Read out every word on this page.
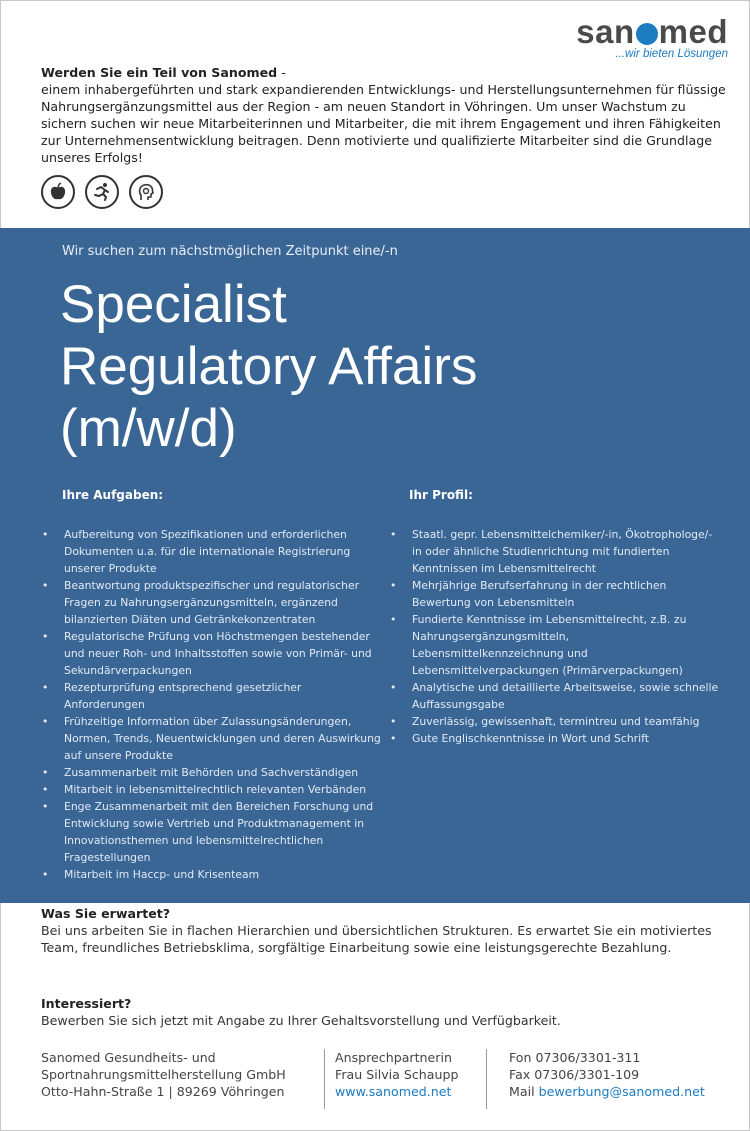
san med
...wir bieten Lösungen
Werden Sie ein Teil von Sanomed -
einem inhabergeführten und stark expandierenden Entwicklungs- und Herstellungsunternehmen für flüssige Nahrungsergänzungsmittel aus der Region - am neuen Standort in Vöhringen. Um unser Wachstum zu sichern suchen wir neue Mitarbeiterinnen und Mitarbeiter, die mit ihrem Engagement und ihren Fähigkeiten zur Unternehmensentwicklung beitragen. Denn motivierte und qualifizierte Mitarbeiter sind die Grundlage unseres Erfolgs!
Wir suchen zum nächstmöglichen Zeitpunkt eine/-n
Specialist
Regulatory Affairs
(m/w/d)
Ihre Aufgaben:	Ihr Profil:
• Aufbereitung von Spezifikationen und erforderlichen Dokumenten u.a. für die internationale Registrierung unserer Produkte
• Beantwortung produktspezifischer und regulatorischer Fragen zu Nahrungsergänzungsmitteln, ergänzend bilanzierten Diäten und Getränkekonzentraten
• Regulatorische Prüfung von Höchstmengen bestehender und neuer Roh- und Inhaltsstoffen sowie von Primär- und Sekundärverpackungen
• Rezepturprüfung entsprechend gesetzlicher Anforderungen
• Frühzeitige Information über Zulassungsänderungen, Normen, Trends, Neuentwicklungen und deren Auswirkung auf unsere Produkte
• Zusammenarbeit mit Behörden und Sachverständigen
• Mitarbeit in lebensmittelrechtlich relevanten Verbänden
• Enge Zusammenarbeit mit den Bereichen Forschung und Entwicklung sowie Vertrieb und Produktmanagement in Innovationsthemen und lebensmittelrechtlichen Fragestellungen
• Mitarbeit im Haccp- und Krisenteam
• Staatl. gepr. Lebensmittelchemiker/-in, Ökotrophologe/-in oder ähnliche Studienrichtung mit fundierten Kenntnissen im Lebensmittelrecht
• Mehrjährige Berufserfahrung in der rechtlichen Bewertung von Lebensmitteln
• Fundierte Kenntnisse im Lebensmittelrecht, z.B. zu Nahrungsergänzungsmitteln, Lebensmittelkennzeichnung und Lebensmittelverpackungen (Primärverpackungen)
• Analytische und detaillierte Arbeitsweise, sowie schnelle Auffassungsgabe
• Zuverlässig, gewissenhaft, termintreu und teamfähig
• Gute Englischkenntnisse in Wort und Schrift
Was Sie erwartet?
Bei uns arbeiten Sie in flachen Hierarchien und übersichtlichen Strukturen. Es erwartet Sie ein motiviertes Team, freundliches Betriebsklima, sorgfältige Einarbeitung sowie eine leistungsgerechte Bezahlung.
Interessiert?
Bewerben Sie sich jetzt mit Angabe zu Ihrer Gehaltsvorstellung und Verfügbarkeit.
Sanomed Gesundheits- und
Sportnahrungsmittelherstellung GmbH
Otto-Hahn-Straße 1 | 89269 Vöhringen
Ansprechpartnerin
Frau Silvia Schaupp
www.sanomed.net
Fon 07306/3301-311
Fax 07306/3301-109
Mail bewerbung@sanomed.net
